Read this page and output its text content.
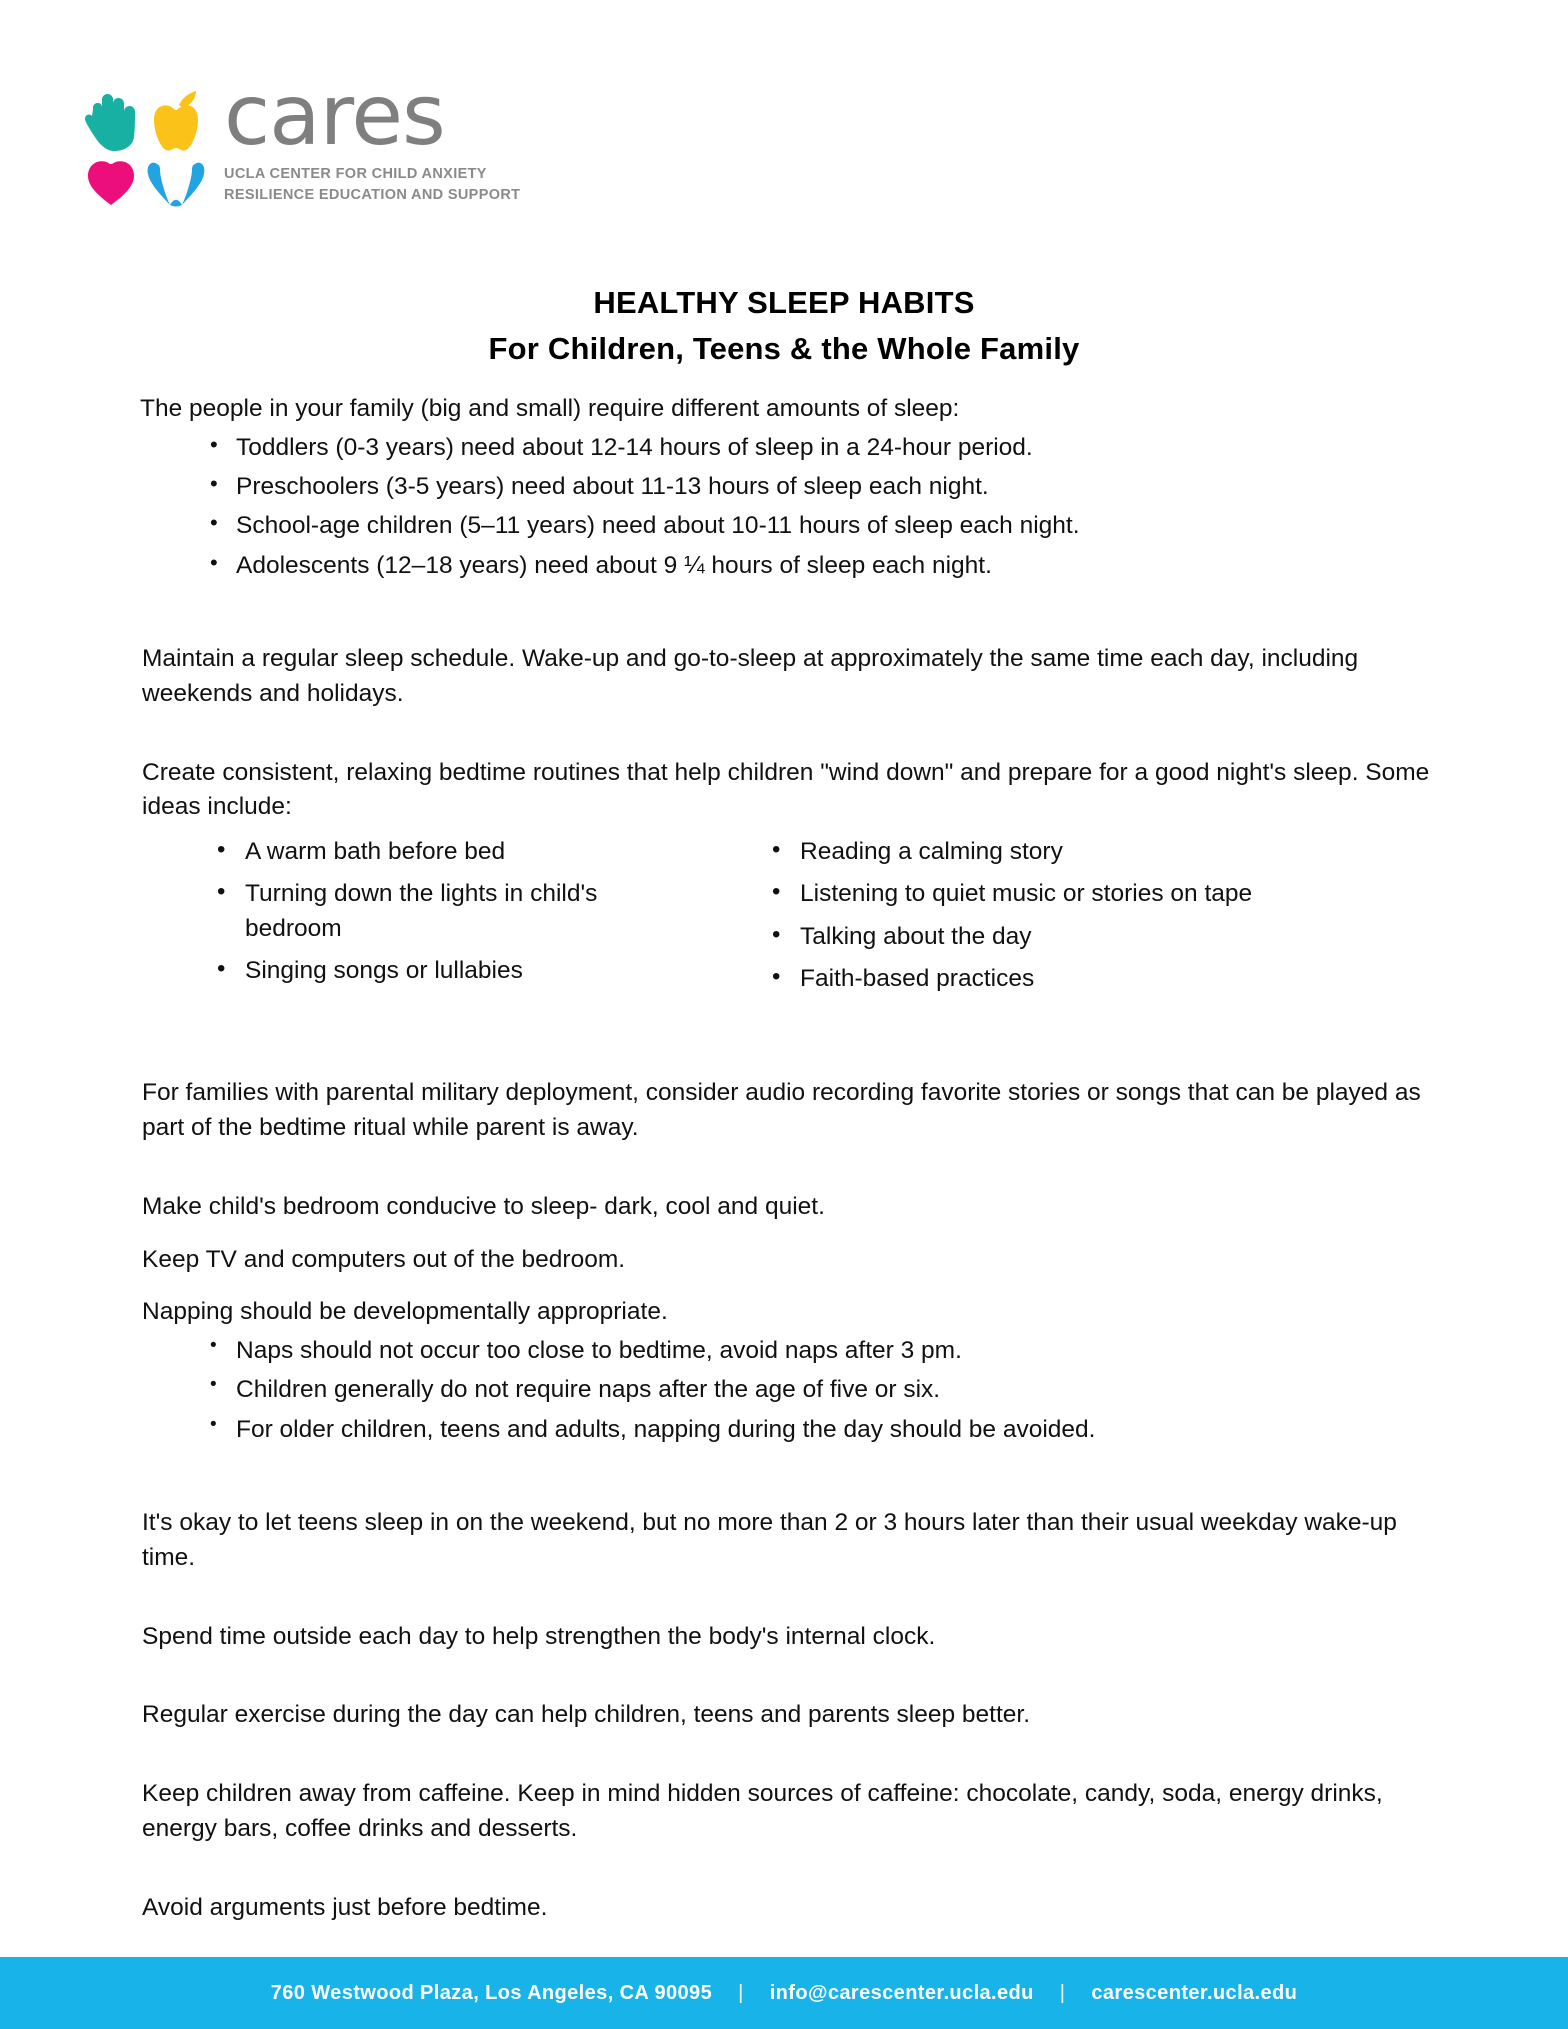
cares
UCLA CENTER FOR CHILD ANXIETY
RESILIENCE EDUCATION AND SUPPORT
HEALTHY SLEEP HABITS
For Children, Teens & the Whole Family

The people in your family (big and small) require different amounts of sleep:

• Toddlers (0-3 years) need about 12-14 hours of sleep in a 24-hour period.
• Preschoolers (3-5 years) need about 11-13 hours of sleep each night.
• School-age children (5–11 years) need about 10-11 hours of sleep each night.
• Adolescents (12–18 years) need about 9 ¼ hours of sleep each night.

Maintain a regular sleep schedule. Wake-up and go-to-sleep at approximately the same time each day, including weekends and holidays.

Create consistent, relaxing bedtime routines that help children "wind down" and prepare for a good night's sleep. Some ideas include:

• A warm bath before bed
• Turning down the lights in child's bedroom
• Singing songs or lullabies
• Reading a calming story
• Listening to quiet music or stories on tape
• Talking about the day
• Faith-based practices

For families with parental military deployment, consider audio recording favorite stories or songs that can be played as part of the bedtime ritual while parent is away.

Make child's bedroom conducive to sleep- dark, cool and quiet.

Keep TV and computers out of the bedroom.

Napping should be developmentally appropriate.

• Naps should not occur too close to bedtime, avoid naps after 3 pm.
• Children generally do not require naps after the age of five or six.
• For older children, teens and adults, napping during the day should be avoided.

It's okay to let teens sleep in on the weekend, but no more than 2 or 3 hours later than their usual weekday wake-up time.

Spend time outside each day to help strengthen the body's internal clock.

Regular exercise during the day can help children, teens and parents sleep better.

Keep children away from caffeine. Keep in mind hidden sources of caffeine: chocolate, candy, soda, energy drinks, energy bars, coffee drinks and desserts.

Avoid arguments just before bedtime.

760 Westwood Plaza, Los Angeles, CA 90095 | info@carescenter.ucla.edu | carescenter.ucla.edu
